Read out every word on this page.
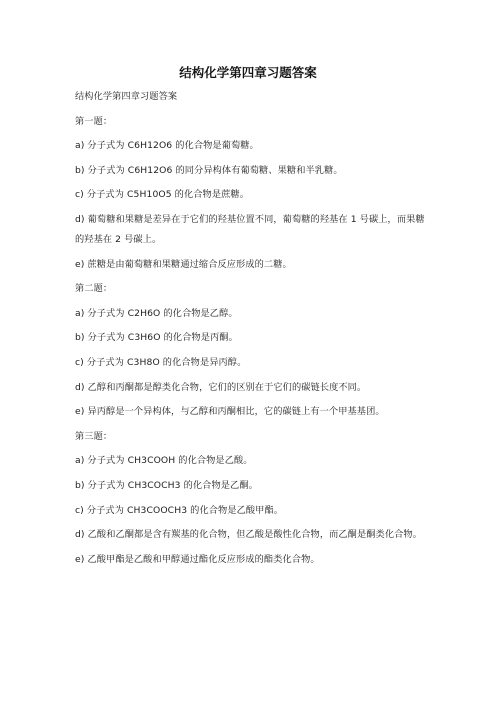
结构化学第四章习题答案

结构化学第四章习题答案

第一题：

a) 分子式为 C6H12O6 的化合物是葡萄糖。

b) 分子式为 C6H12O6 的同分异构体有葡萄糖、果糖和半乳糖。

c) 分子式为 C5H10O5 的化合物是蔗糖。

d) 葡萄糖和果糖是差异在于它们的羟基位置不同，葡萄糖的羟基在 1 号碳上，而果糖的羟基在 2 号碳上。

e) 蔗糖是由葡萄糖和果糖通过缩合反应形成的二糖。

第二题：

a) 分子式为 C2H6O 的化合物是乙醇。

b) 分子式为 C3H6O 的化合物是丙酮。

c) 分子式为 C3H8O 的化合物是异丙醇。

d) 乙醇和丙酮都是醇类化合物，它们的区别在于它们的碳链长度不同。

e) 异丙醇是一个异构体，与乙醇和丙酮相比，它的碳链上有一个甲基基团。

第三题：

a) 分子式为 CH3COOH 的化合物是乙酸。

b) 分子式为 CH3COCH3 的化合物是乙酮。

c) 分子式为 CH3COOCH3 的化合物是乙酸甲酯。

d) 乙酸和乙酮都是含有羰基的化合物，但乙酸是酸性化合物，而乙酮是酮类化合物。

e) 乙酸甲酯是乙酸和甲醇通过酯化反应形成的酯类化合物。
